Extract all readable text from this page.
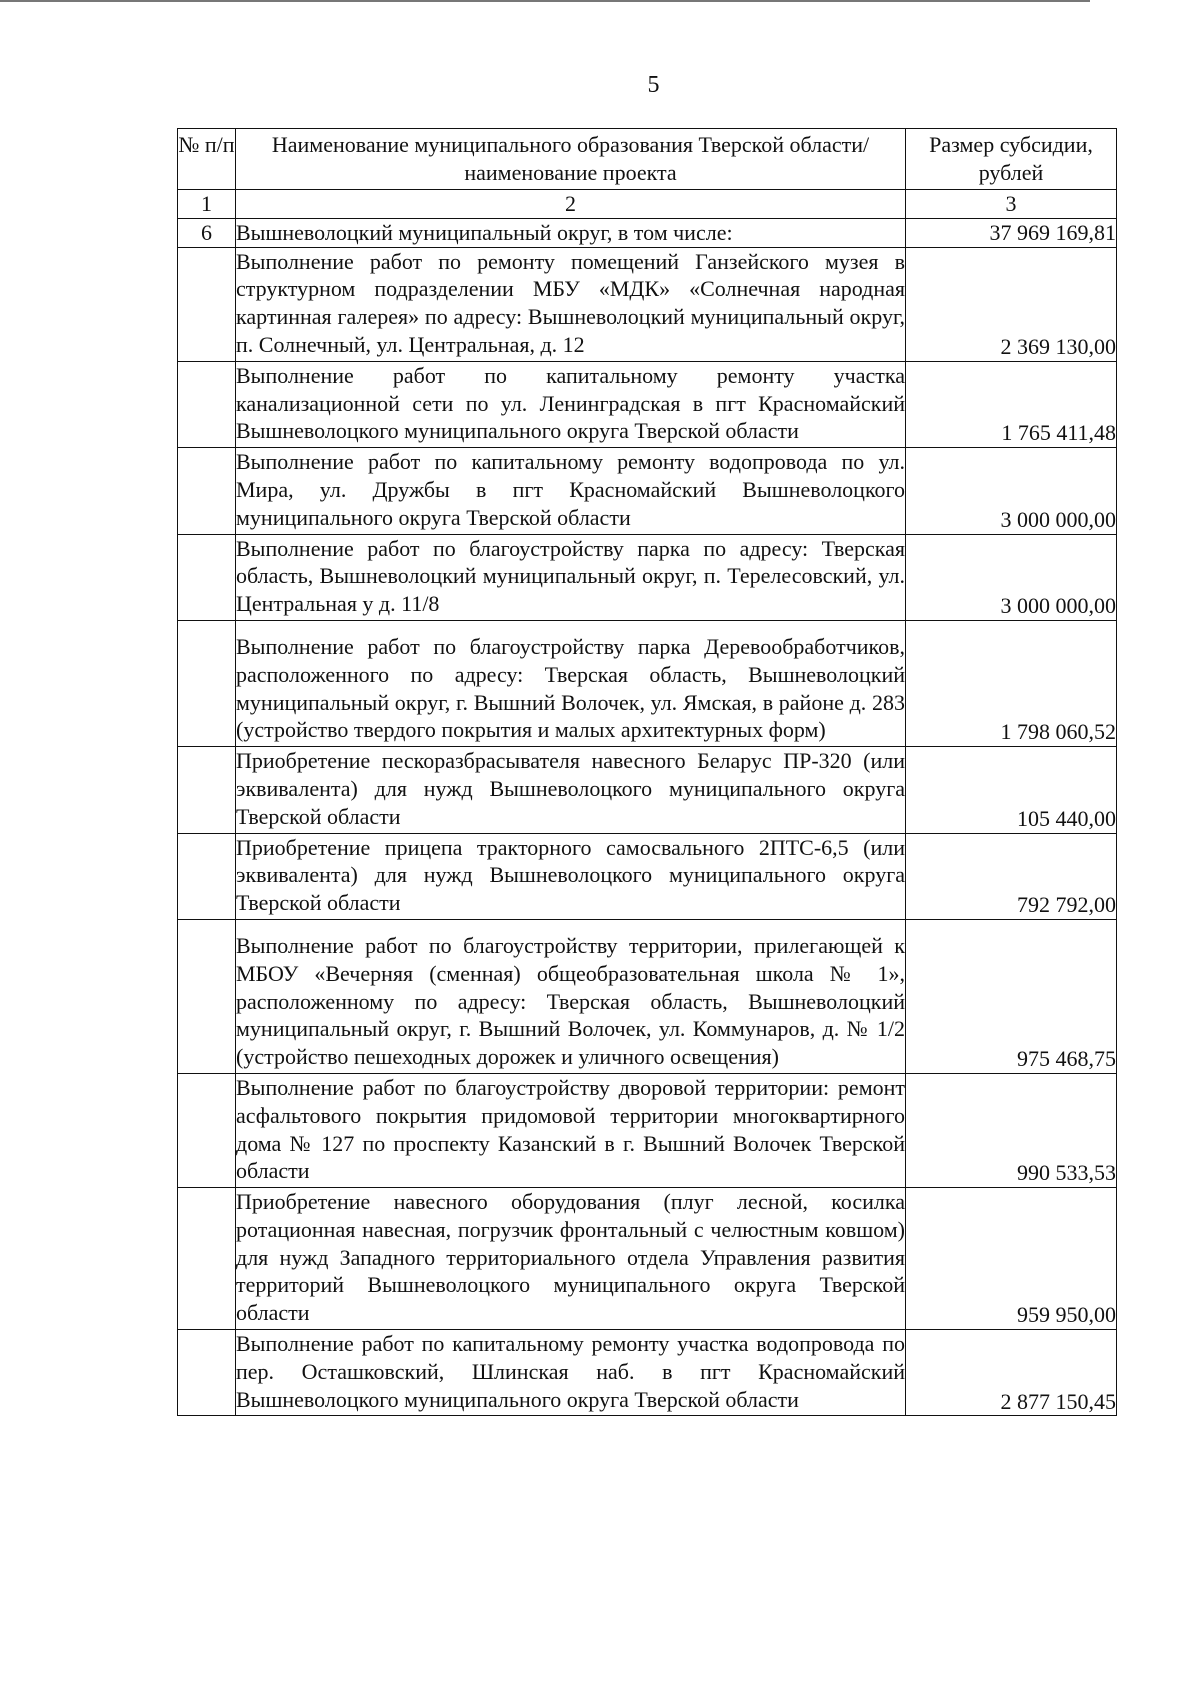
5
№ п/п	Наименование муниципального образования Тверской области/наименование проекта	Размер субсидии, рублей
1	2	3
6	Вышневолоцкий муниципальный округ, в том числе:	37 969 169,81
	Выполнение работ по ремонту помещений Ганзейского музея в структурном подразделении МБУ «МДК» «Солнечная народная картинная галерея» по адресу: Вышневолоцкий муниципальный округ, п. Солнечный, ул. Центральная, д. 12	2 369 130,00
	Выполнение работ по капитальному ремонту участка канализационной сети по ул. Ленинградская в пгт Красномайский Вышневолоцкого муниципального округа Тверской области	1 765 411,48
	Выполнение работ по капитальному ремонту водопровода по ул. Мира, ул. Дружбы в пгт Красномайский Вышневолоцкого муниципального округа Тверской области	3 000 000,00
	Выполнение работ по благоустройству парка по адресу: Тверская область, Вышневолоцкий муниципальный округ, п. Терелесовский, ул. Центральная у д. 11/8	3 000 000,00
	Выполнение работ по благоустройству парка Деревообработчиков, расположенного по адресу: Тверская область, Вышневолоцкий муниципальный округ, г. Вышний Волочек, ул. Ямская, в районе д. 283 (устройство твердого покрытия и малых архитектурных форм)	1 798 060,52
	Приобретение пескоразбрасывателя навесного Беларус ПР-320 (или эквивалента) для нужд Вышневолоцкого муниципального округа Тверской области	105 440,00
	Приобретение прицепа тракторного самосвального 2ПТС-6,5 (или эквивалента) для нужд Вышневолоцкого муниципального округа Тверской области	792 792,00
	Выполнение работ по благоустройству территории, прилегающей к МБОУ «Вечерняя (сменная) общеобразовательная школа № 1», расположенному по адресу: Тверская область, Вышневолоцкий муниципальный округ, г. Вышний Волочек, ул. Коммунаров, д. № 1/2 (устройство пешеходных дорожек и уличного освещения)	975 468,75
	Выполнение работ по благоустройству дворовой территории: ремонт асфальтового покрытия придомовой территории многоквартирного дома № 127 по проспекту Казанский в г. Вышний Волочек Тверской области	990 533,53
	Приобретение навесного оборудования (плуг лесной, косилка ротационная навесная, погрузчик фронтальный с челюстным ковшом) для нужд Западного территориального отдела Управления развития территорий Вышневолоцкого муниципального округа Тверской области	959 950,00
	Выполнение работ по капитальному ремонту участка водопровода по пер. Осташковский, Шлинская наб. в пгт Красномайский Вышневолоцкого муниципального округа Тверской области	2 877 150,45
